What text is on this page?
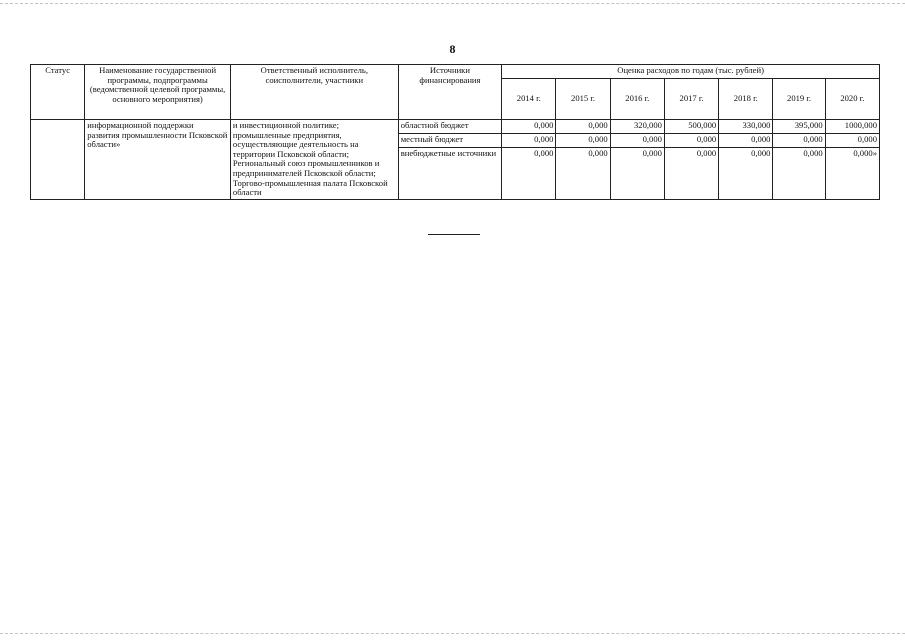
8
Статус	Наименование государственной программы, подпрограммы (ведомственной целевой программы, основного мероприятия)	Ответственный исполнитель, соисполнители, участники	Источники финансирования	Оценка расходов по годам (тыс. рублей)						
				2014 г.	2015 г.	2016 г.	2017 г.	2018 г.	2019 г.	2020 г.
	информационной поддержки развития промышленности Псковской области»	и инвестиционной политике; промышленные предприятия, осуществляющие деятельность на территории Псковской области; Региональный союз промышленников и предпринимателей Псковской области; Торгово-промышленная палата Псковской области	областной бюджет	0,000	0,000	320,000	500,000	330,000	395,000	1000,000
			местный бюджет	0,000	0,000	0,000	0,000	0,000	0,000	0,000
			внебюджетные источники	0,000	0,000	0,000	0,000	0,000	0,000	0,000»
